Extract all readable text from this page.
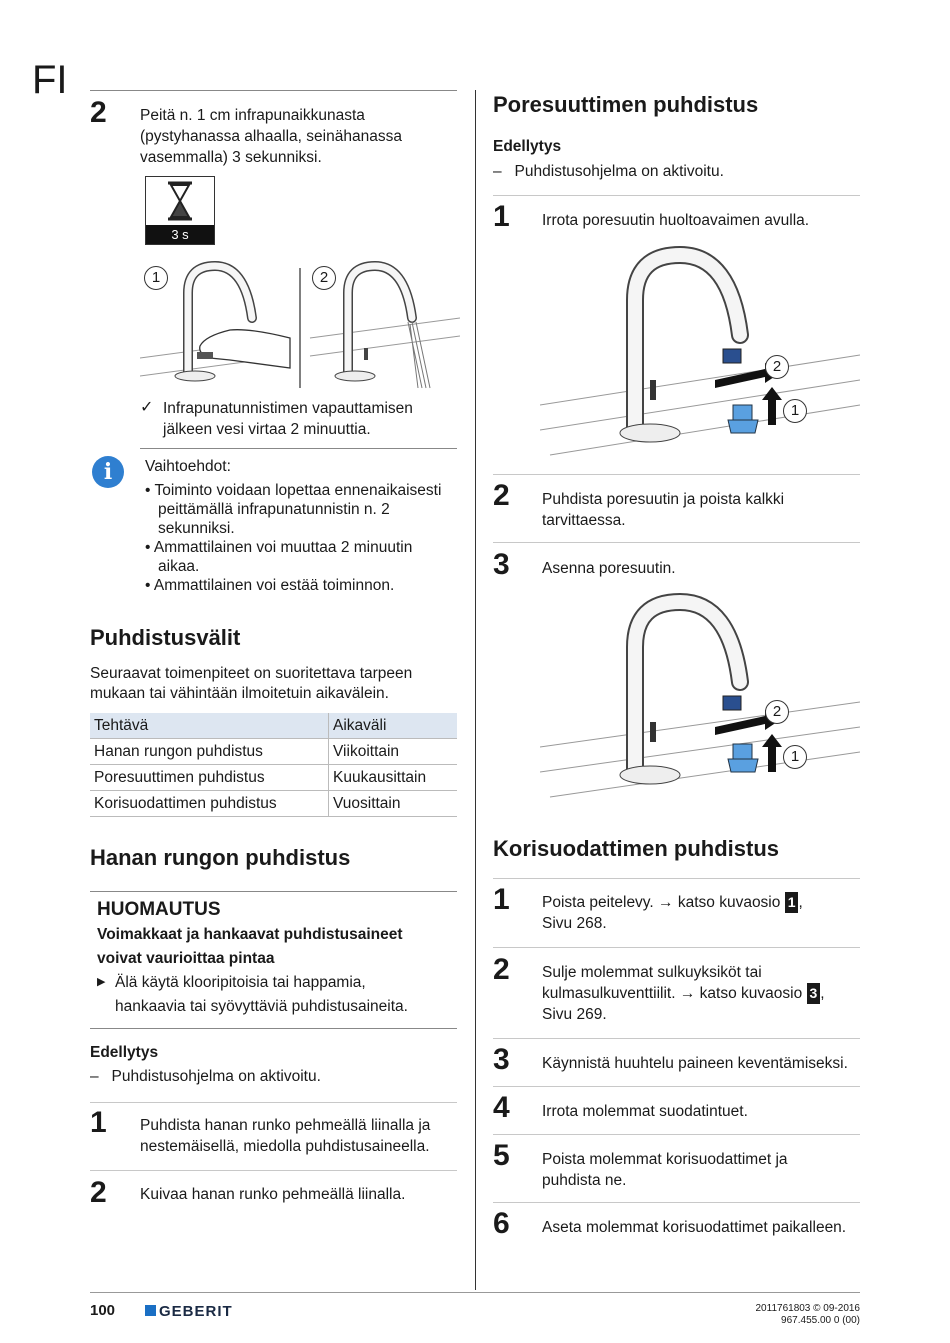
FI
2 Peitä n. 1 cm infrapunaikkunasta (pystyhanassa alhaalla, seinähanassa vasemmalla) 3 sekunniksi.
3 s
1	2
✓ Infrapunatunnistimen vapauttamisen jälkeen vesi virtaa 2 minuuttia.
i	Vaihtoehdot:
• Toiminto voidaan lopettaa ennenaikaisesti peittämällä infrapunatunnistin n. 2 sekunniksi.
• Ammattilainen voi muuttaa 2 minuutin aikaa.
• Ammattilainen voi estää toiminnon.
Puhdistusvälit
Seuraavat toimenpiteet on suoritettava tarpeen mukaan tai vähintään ilmoitetuin aikavälein.
Tehtävä	Aikaväli
Hanan rungon puhdistus	Viikoittain
Poresuuttimen puhdistus	Kuukausittain
Korisuodattimen puhdistus	Vuosittain
Hanan rungon puhdistus
HUOMAUTUS
Voimakkaat ja hankaavat puhdistusaineet voivat vaurioittaa pintaa
▶ Älä käytä klooripitoisia tai happamia, hankaavia tai syövyttäviä puhdistusaineita.
Edellytys
–   Puhdistusohjelma on aktivoitu.
1 Puhdista hanan runko pehmeällä liinalla ja nestemäisellä, miedolla puhdistusaineella.
2 Kuivaa hanan runko pehmeällä liinalla.
Poresuuttimen puhdistus
Edellytys
–   Puhdistusohjelma on aktivoitu.
1 Irrota poresuutin huoltoavaimen avulla.
2
1
2 Puhdista poresuutin ja poista kalkki tarvittaessa.
3 Asenna poresuutin.
2
1
Korisuodattimen puhdistus
1 Poista peitelevy. → katso kuvaosio 1 ,
Sivu 268.
2 Sulje molemmat sulkuyksiköt tai kulmasulkuventtiilit. → katso kuvaosio 3 ,
Sivu 269.
3 Käynnistä huuhtelu paineen keventämiseksi.
4 Irrota molemmat suodatintuet.
5 Poista molemmat korisuodattimet ja puhdista ne.
6 Aseta molemmat korisuodattimet paikalleen.
100	GEBERIT	2011761803 © 09-2016
967.455.00 0 (00)
